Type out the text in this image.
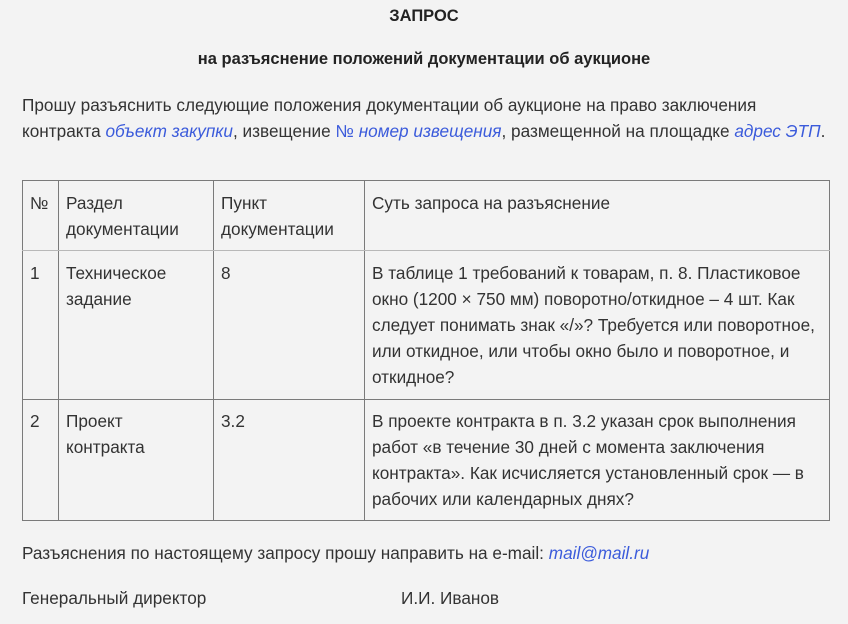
ЗАПРОС
на разъяснение положений документации об аукционе
Прошу разъяснить следующие положения документации об аукционе на право заключения контракта объект закупки, извещение № номер извещения, размещенной на площадке адрес ЭТП.
№	Раздел документации	Пункт документации	Суть запроса на разъяснение
1	Техническое задание	8	В таблице 1 требований к товарам, п. 8. Пластиковое окно (1200 × 750 мм) поворотно/откидное – 4 шт. Как следует понимать знак «/»? Требуется или поворотное, или откидное, или чтобы окно было и поворотное, и откидное?
2	Проект контракта	3.2	В проекте контракта в п. 3.2 указан срок выполнения работ «в течение 30 дней с момента заключения контракта». Как исчисляется установленный срок — в рабочих или календарных днях?
Разъяснения по настоящему запросу прошу направить на e-mail: mail@mail.ru
Генеральный директор	И.И. Иванов
